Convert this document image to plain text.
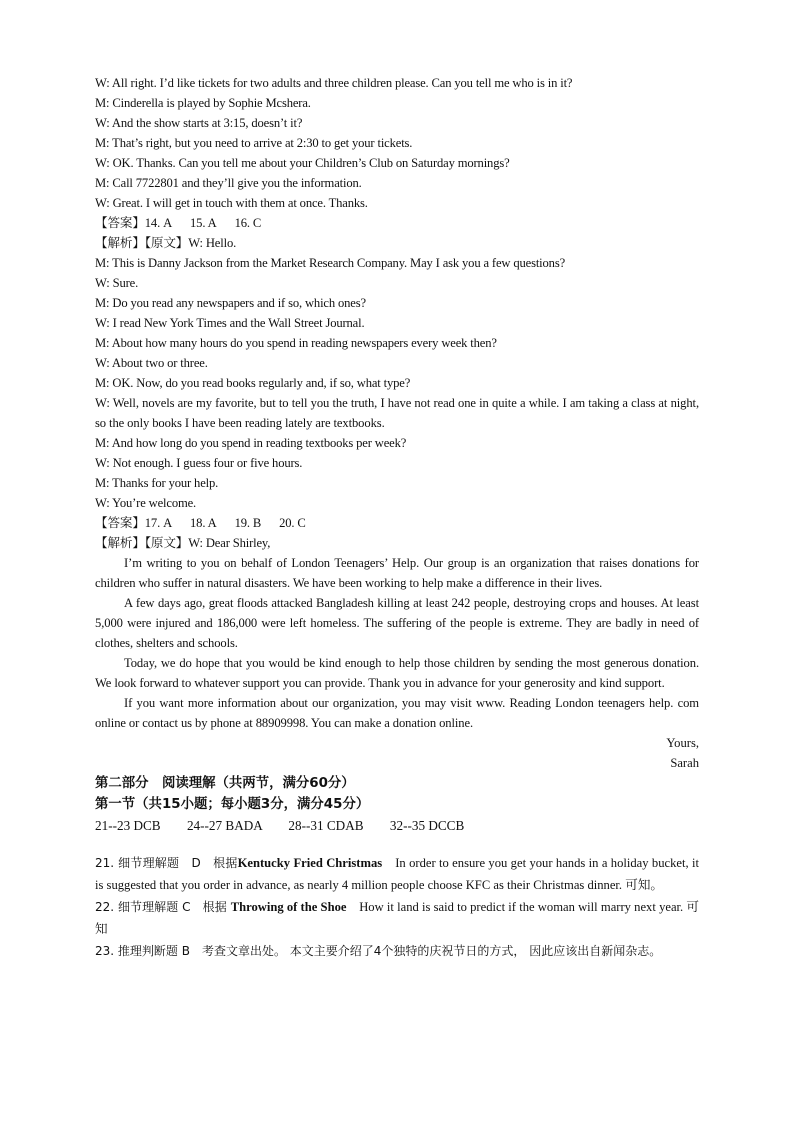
W: All right. I’d like tickets for two adults and three children please. Can you tell me who is in it?
M: Cinderella is played by Sophie Mcshera.
W: And the show starts at 3:15, doesn’t it?
M: That’s right, but you need to arrive at 2:30 to get your tickets.
W: OK. Thanks. Can you tell me about your Children’s Club on Saturday mornings?
M: Call 7722801 and they’ll give you the information.
W: Great. I will get in touch with them at once. Thanks.
【答案】14. A 15. A 16. C
【解析】【原文】W: Hello.
M: This is Danny Jackson from the Market Research Company. May I ask you a few questions?
W: Sure.
M: Do you read any newspapers and if so, which ones?
W: I read New York Times and the Wall Street Journal.
M: About how many hours do you spend in reading newspapers every week then?
W: About two or three.
M: OK. Now, do you read books regularly and, if so, what type?
W: Well, novels are my favorite, but to tell you the truth, I have not read one in quite a while. I am taking a class at night, so the only books I have been reading lately are textbooks.
M: And how long do you spend in reading textbooks per week?
W: Not enough. I guess four or five hours.
M: Thanks for your help.
W: You’re welcome.
【答案】17. A 18. A 19. B 20. C
【解析】【原文】W: Dear Shirley,
I’m writing to you on behalf of London Teenagers’ Help. Our group is an organization that raises donations for children who suffer in natural disasters. We have been working to help make a difference in their lives.
A few days ago, great floods attacked Bangladesh killing at least 242 people, destroying crops and houses. At least 5,000 were injured and 186,000 were left homeless. The suffering of the people is extreme. They are badly in need of clothes, shelters and schools.
Today, we do hope that you would be kind enough to help those children by sending the most generous donation. We look forward to whatever support you can provide. Thank you in advance for your generosity and kind support.
If you want more information about our organization, you may visit www. Reading London teenagers help. com online or contact us by phone at 88909998. You can make a donation online.
Yours,
Sarah
第二部分　阅读理解（共两节，满分60分）
第一节（共15小题；每小题3分，满分45分）
21--23 DCB        24--27 BADA        28--31 CDAB        32--35 DCCB
21. 细节理解题　D　根据Kentucky Fried Christmas　In order to ensure you get your hands in a holiday bucket, it is suggested that you order in advance, as nearly 4 million people choose KFC as their Christmas dinner. 可知。
22. 细节理解题 C　根据 Throwing of the Shoe　How it land is said to predict if the woman will marry next year. 可知
23. 推理判断题 B　考查文章出处。 本文主要介绍了4个独特的庆祝节日的方式， 因此应该出自新闻杂志。
